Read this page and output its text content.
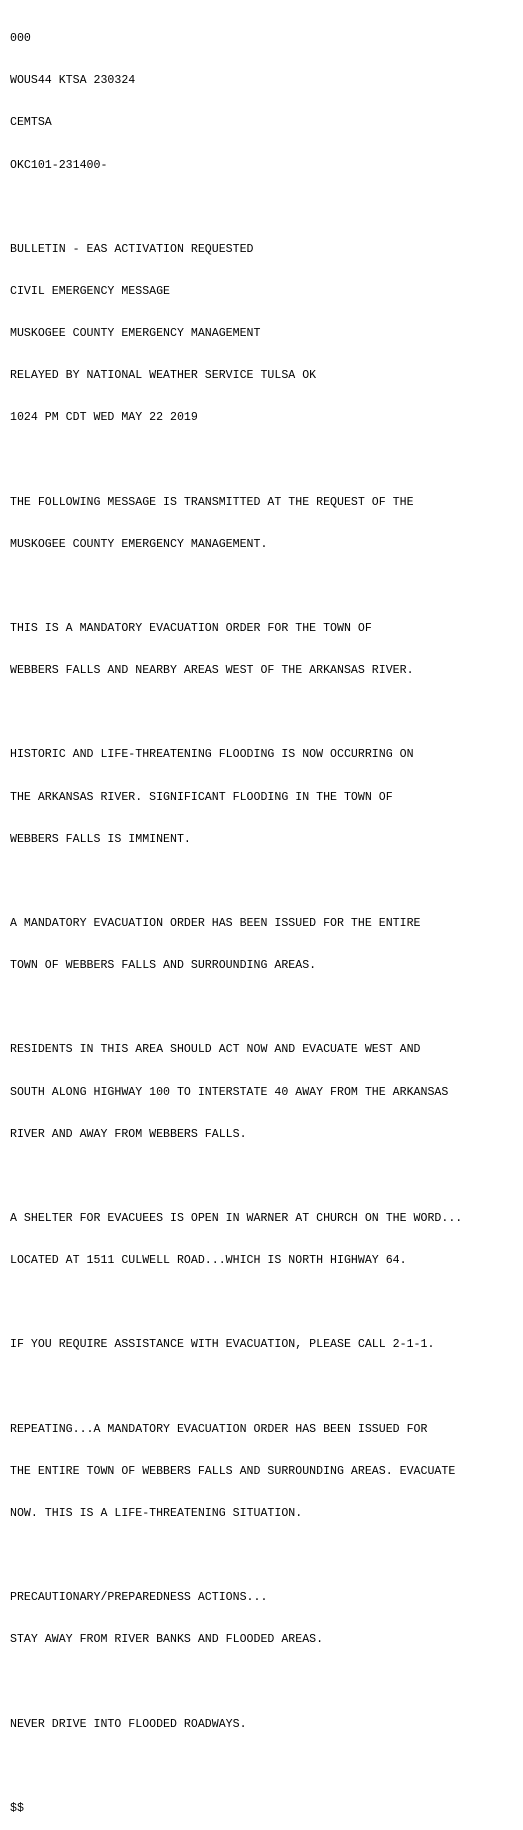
000

WOUS44 KTSA 230324

CEMTSA

OKC101-231400-

BULLETIN - EAS ACTIVATION REQUESTED

CIVIL EMERGENCY MESSAGE

MUSKOGEE COUNTY EMERGENCY MANAGEMENT

RELAYED BY NATIONAL WEATHER SERVICE TULSA OK

1024 PM CDT WED MAY 22 2019

THE FOLLOWING MESSAGE IS TRANSMITTED AT THE REQUEST OF THE

MUSKOGEE COUNTY EMERGENCY MANAGEMENT.

THIS IS A MANDATORY EVACUATION ORDER FOR THE TOWN OF

WEBBERS FALLS AND NEARBY AREAS WEST OF THE ARKANSAS RIVER.

HISTORIC AND LIFE-THREATENING FLOODING IS NOW OCCURRING ON

THE ARKANSAS RIVER. SIGNIFICANT FLOODING IN THE TOWN OF

WEBBERS FALLS IS IMMINENT.

A MANDATORY EVACUATION ORDER HAS BEEN ISSUED FOR THE ENTIRE

TOWN OF WEBBERS FALLS AND SURROUNDING AREAS.

RESIDENTS IN THIS AREA SHOULD ACT NOW AND EVACUATE WEST AND

SOUTH ALONG HIGHWAY 100 TO INTERSTATE 40 AWAY FROM THE ARKANSAS

RIVER AND AWAY FROM WEBBERS FALLS.

A SHELTER FOR EVACUEES IS OPEN IN WARNER AT CHURCH ON THE WORD...

LOCATED AT 1511 CULWELL ROAD...WHICH IS NORTH HIGHWAY 64.

IF YOU REQUIRE ASSISTANCE WITH EVACUATION, PLEASE CALL 2-1-1.

REPEATING...A MANDATORY EVACUATION ORDER HAS BEEN ISSUED FOR

THE ENTIRE TOWN OF WEBBERS FALLS AND SURROUNDING AREAS. EVACUATE

NOW. THIS IS A LIFE-THREATENING SITUATION.

PRECAUTIONARY/PREPAREDNESS ACTIONS...

STAY AWAY FROM RIVER BANKS AND FLOODED AREAS.

NEVER DRIVE INTO FLOODED ROADWAYS.

$$
